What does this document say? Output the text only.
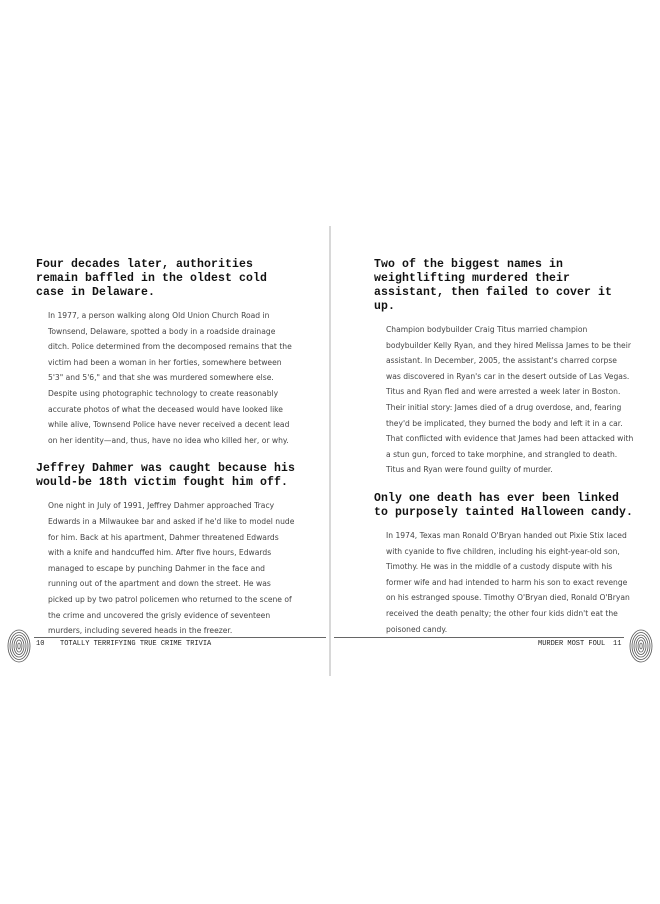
Four decades later, authorities remain baffled in the oldest cold case in Delaware.

In 1977, a person walking along Old Union Church Road in Townsend, Delaware, spotted a body in a roadside drainage ditch. Police determined from the decomposed remains that the victim had been a woman in her forties, somewhere between 5'3" and 5'6," and that she was murdered somewhere else. Despite using photographic technology to create reasonably accurate photos of what the deceased would have looked like while alive, Townsend Police have never received a decent lead on her identity—and, thus, have no idea who killed her, or why.

Jeffrey Dahmer was caught because his would-be 18th victim fought him off.

One night in July of 1991, Jeffrey Dahmer approached Tracy Edwards in a Milwaukee bar and asked if he'd like to model nude for him. Back at his apartment, Dahmer threatened Edwards with a knife and handcuffed him. After five hours, Edwards managed to escape by punching Dahmer in the face and running out of the apartment and down the street. He was picked up by two patrol policemen who returned to the scene of the crime and uncovered the grisly evidence of seventeen murders, including severed heads in the freezer.

Two of the biggest names in weightlifting murdered their assistant, then failed to cover it up.

Champion bodybuilder Craig Titus married champion bodybuilder Kelly Ryan, and they hired Melissa James to be their assistant. In December, 2005, the assistant's charred corpse was discovered in Ryan's car in the desert outside of Las Vegas. Titus and Ryan fled and were arrested a week later in Boston. Their initial story: James died of a drug overdose, and, fearing they'd be implicated, they burned the body and left it in a car. That conflicted with evidence that James had been attacked with a stun gun, forced to take morphine, and strangled to death. Titus and Ryan were found guilty of murder.

Only one death has ever been linked to purposely tainted Halloween candy.

In 1974, Texas man Ronald O'Bryan handed out Pixie Stix laced with cyanide to five children, including his eight-year-old son, Timothy. He was in the middle of a custody dispute with his former wife and had intended to harm his son to exact revenge on his estranged spouse. Timothy O'Bryan died, Ronald O'Bryan received the death penalty; the other four kids didn't eat the poisoned candy.

10 TOTALLY TERRIFYING TRUE CRIME TRIVIA	MURDER MOST FOUL 11
